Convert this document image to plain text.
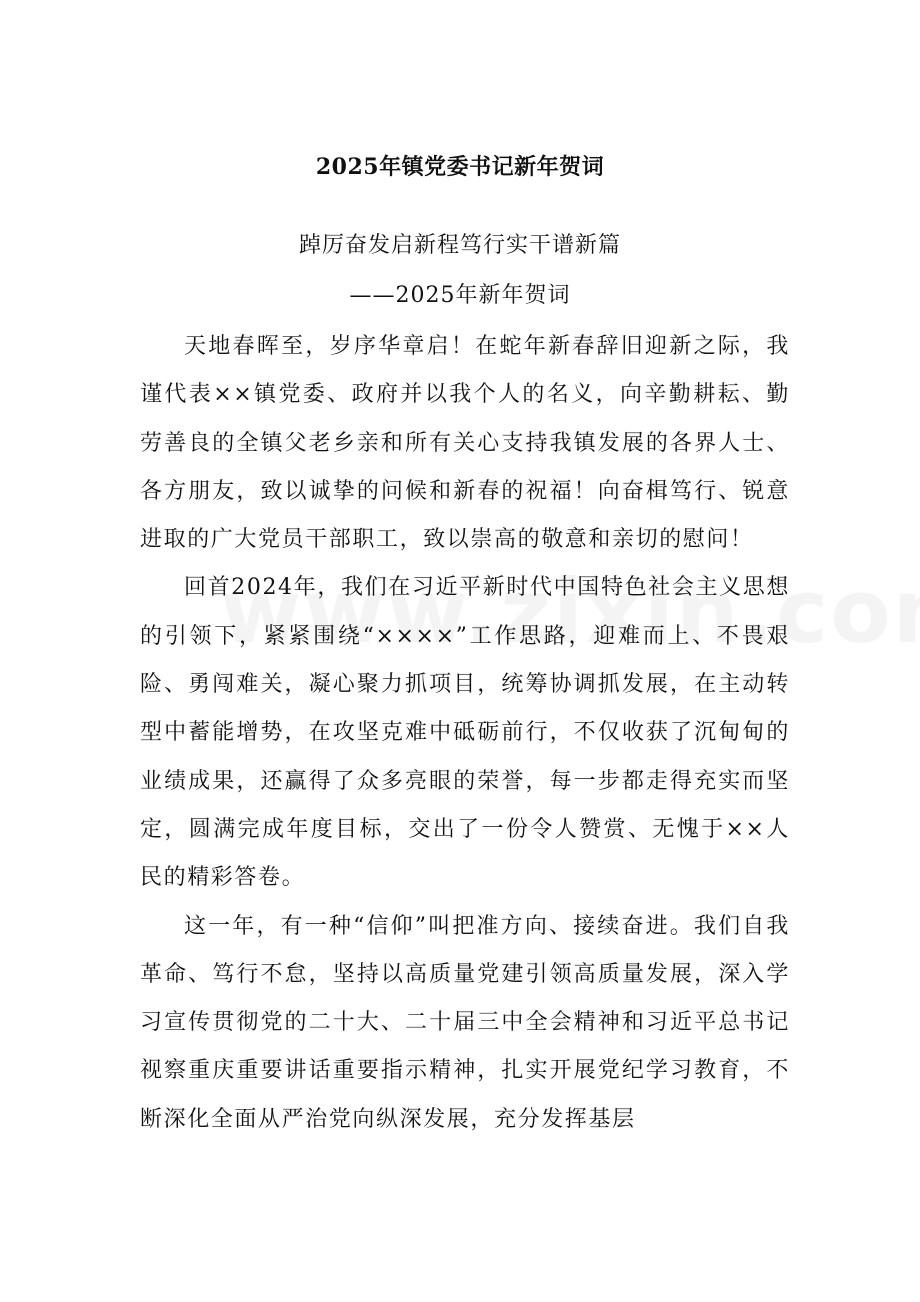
2025年镇党委书记新年贺词
踔厉奋发启新程笃行实干谱新篇
——2025年新年贺词

天地春晖至，岁序华章启！在蛇年新春辞旧迎新之际，我谨代表××镇党委、政府并以我个人的名义，向辛勤耕耘、勤劳善良的全镇父老乡亲和所有关心支持我镇发展的各界人士、各方朋友，致以诚挚的问候和新春的祝福！向奋楫笃行、锐意进取的广大党员干部职工，致以崇高的敬意和亲切的慰问！

回首2024年，我们在习近平新时代中国特色社会主义思想的引领下，紧紧围绕“××××”工作思路，迎难而上、不畏艰险、勇闯难关，凝心聚力抓项目，统筹协调抓发展，在主动转型中蓄能增势，在攻坚克难中砥砺前行，不仅收获了沉甸甸的业绩成果，还赢得了众多亮眼的荣誉，每一步都走得充实而坚定，圆满完成年度目标，交出了一份令人赞赏、无愧于××人民的精彩答卷。

这一年，有一种“信仰”叫把准方向、接续奋进。我们自我革命、笃行不怠，坚持以高质量党建引领高质量发展，深入学习宣传贯彻党的二十大、二十届三中全会精神和习近平总书记视察重庆重要讲话重要指示精神，扎实开展党纪学习教育，不断深化全面从严治党向纵深发展，充分发挥基层
